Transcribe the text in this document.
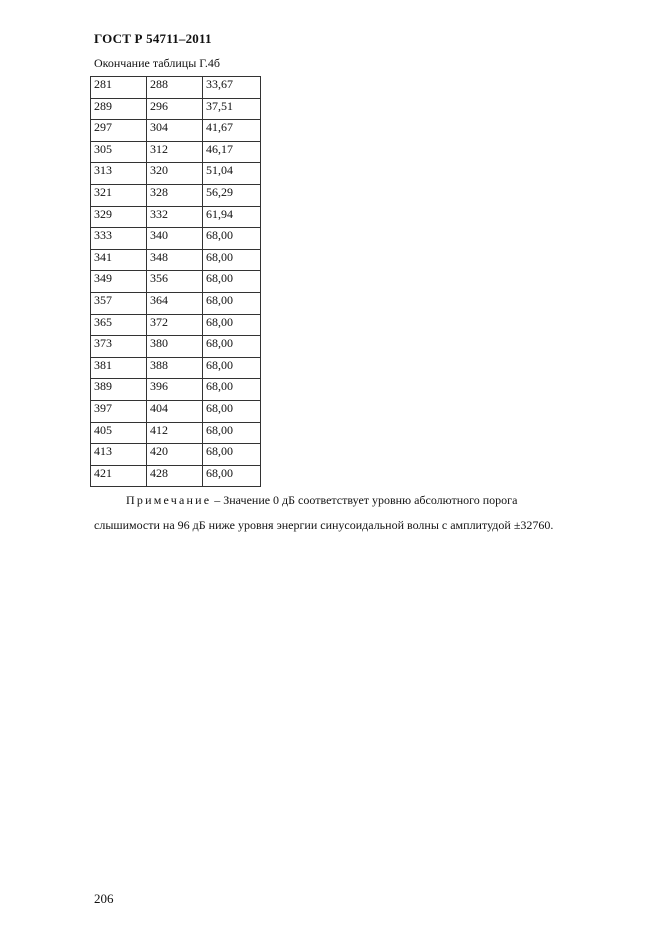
ГОСТ Р 54711–2011
Окончание таблицы Г.4б
281	288	33,67
289	296	37,51
297	304	41,67
305	312	46,17
313	320	51,04
321	328	56,29
329	332	61,94
333	340	68,00
341	348	68,00
349	356	68,00
357	364	68,00
365	372	68,00
373	380	68,00
381	388	68,00
389	396	68,00
397	404	68,00
405	412	68,00
413	420	68,00
421	428	68,00
Примечание – Значение 0 дБ соответствует уровню абсолютного порога
слышимости на 96 дБ ниже уровня энергии синусоидальной волны с амплитудой ±32760.
206
